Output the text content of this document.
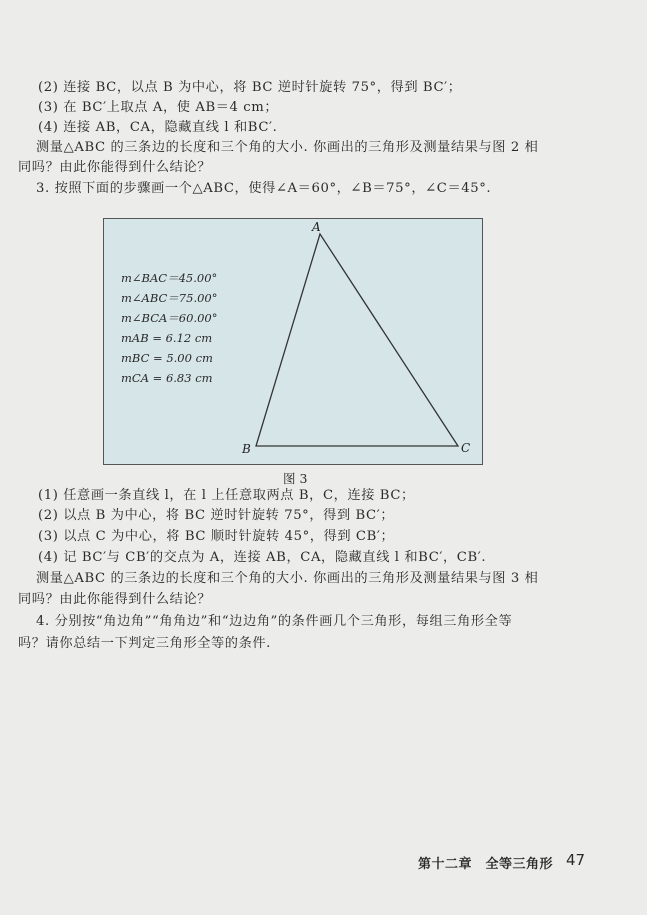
(2) 连接 BC，以点 B 为中心，将 BC 逆时针旋转 75°，得到 BC′；
(3) 在 BC′上取点 A，使 AB＝4 cm；
(4) 连接 AB，CA，隐藏直线 l 和BC′.
测量△ABC 的三条边的长度和三个角的大小. 你画出的三角形及测量结果与图 2 相
同吗？由此你能得到什么结论？
3. 按照下面的步骤画一个△ABC，使得∠A＝60°，∠B＝75°，∠C＝45°.
A
B	C
m∠BAC＝45.00°
m∠ABC＝75.00°
m∠BCA＝60.00°
mAB = 6.12 cm
mBC = 5.00 cm
mCA = 6.83 cm
图 3
(1) 任意画一条直线 l，在 l 上任意取两点 B，C，连接 BC；
(2) 以点 B 为中心，将 BC 逆时针旋转 75°，得到 BC′；
(3) 以点 C 为中心，将 BC 顺时针旋转 45°，得到 CB′；
(4) 记 BC′与 CB′的交点为 A，连接 AB，CA，隐藏直线 l 和BC′，CB′.
测量△ABC 的三条边的长度和三个角的大小. 你画出的三角形及测量结果与图 3 相
同吗？由此你能得到什么结论？
4. 分别按“角边角”“角角边”和“边边角”的条件画几个三角形，每组三角形全等
吗？请你总结一下判定三角形全等的条件.
第十二章　全等三角形 47
